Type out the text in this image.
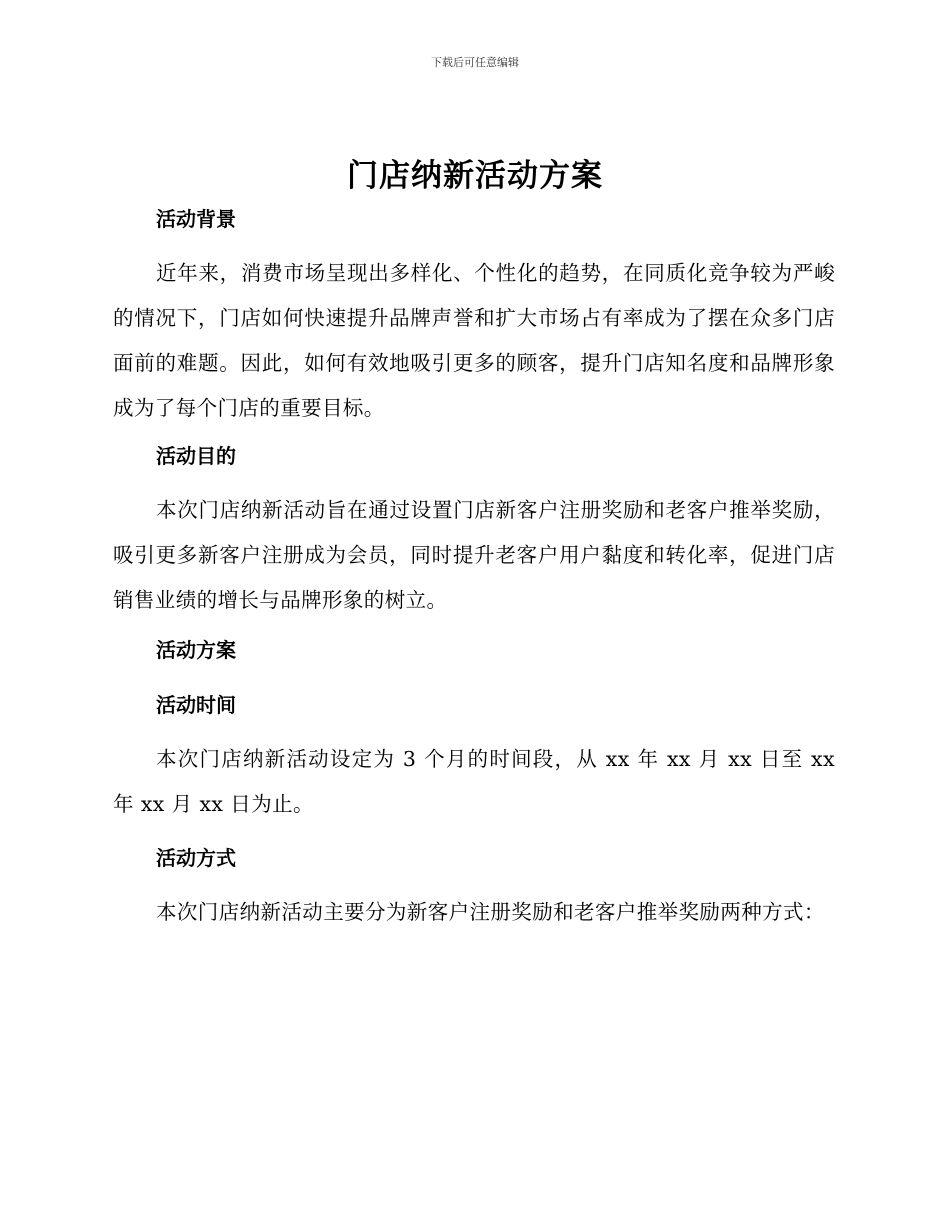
下载后可任意编辑
门店纳新活动方案
活动背景
近年来，消费市场呈现出多样化、个性化的趋势，在同质化竞争较为严峻的情况下，门店如何快速提升品牌声誉和扩大市场占有率成为了摆在众多门店面前的难题。因此，如何有效地吸引更多的顾客，提升门店知名度和品牌形象成为了每个门店的重要目标。
活动目的
本次门店纳新活动旨在通过设置门店新客户注册奖励和老客户推举奖励，吸引更多新客户注册成为会员，同时提升老客户用户黏度和转化率，促进门店销售业绩的增长与品牌形象的树立。
活动方案
活动时间
本次门店纳新活动设定为 3 个月的时间段，从 xx 年 xx 月 xx 日至 xx 年 xx 月 xx 日为止。
活动方式
本次门店纳新活动主要分为新客户注册奖励和老客户推举奖励两种方式：
